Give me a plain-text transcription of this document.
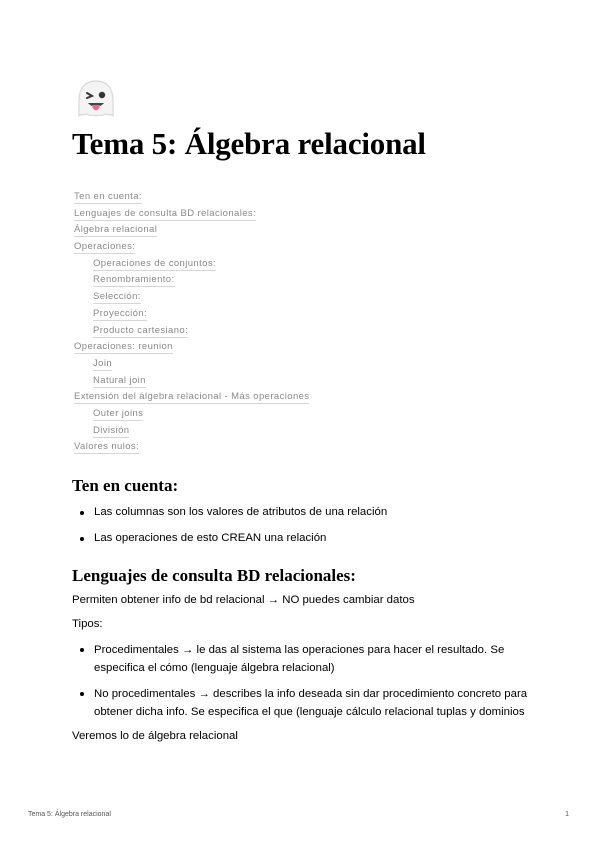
Tema 5: Álgebra relacional
Ten en cuenta:
Lenguajes de consulta BD relacionales:
Álgebra relacional
Operaciones:
Operaciones de conjuntos:
Renombramiento:
Selección:
Proyección:
Producto cartesiano:
Operaciones: reunion
Join
Natural join
Extensión del álgebra relacional - Más operaciones
Outer joins
División
Valores nulos:
Ten en cuenta:
Las columnas son los valores de atributos de una relación
Las operaciones de esto CREAN una relación
Lenguajes de consulta BD relacionales:
Permiten obtener info de bd relacional → NO puedes cambiar datos
Tipos:
Procedimentales → le das al sistema las operaciones para hacer el resultado. Se especifica el cómo (lenguaje álgebra relacional)
No procedimentales → describes la info deseada sin dar procedimiento concreto para obtener dicha info. Se especifica el que (lenguaje cálculo relacional tuplas y dominios
Veremos lo de álgebra relacional
Tema 5: Álgebra relacional	1
